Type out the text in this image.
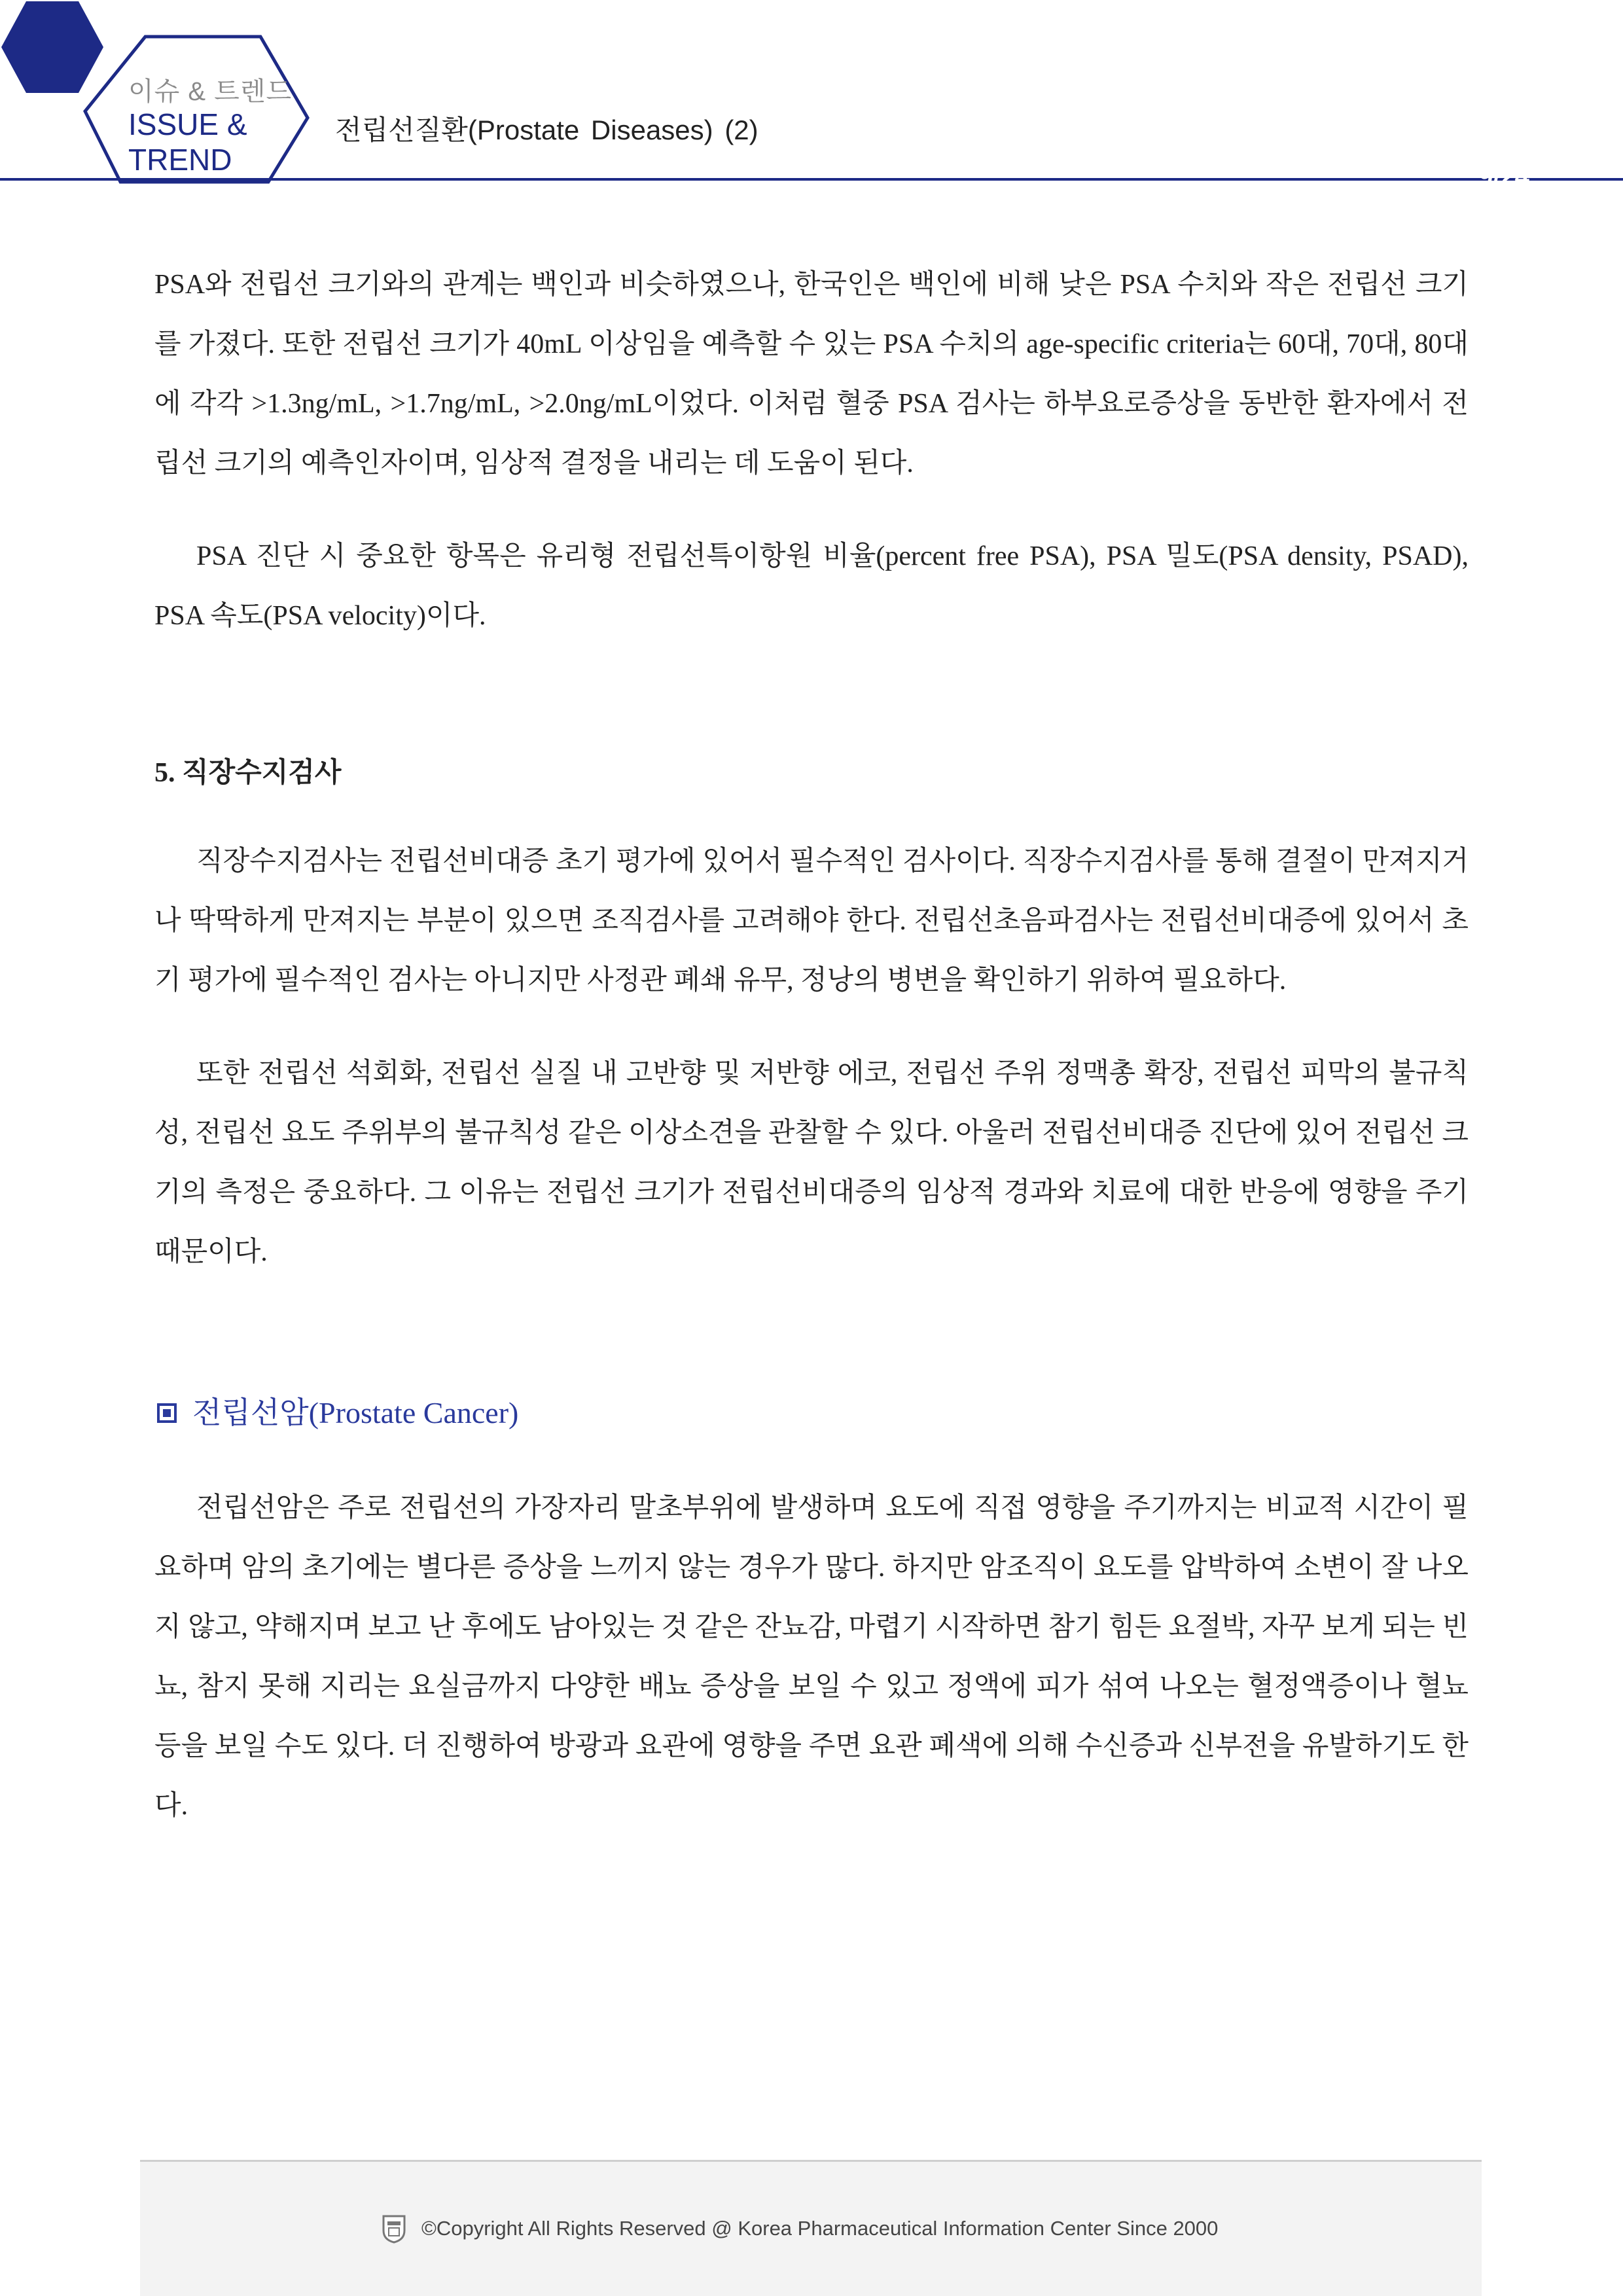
이슈 & 트렌드
ISSUE &
TREND
전립선질환(Prostate Diseases) (2)
9/24

PSA와 전립선 크기와의 관계는 백인과 비슷하였으나, 한국인은 백인에 비해 낮은 PSA 수치와 작은 전립선 크기를 가졌다. 또한 전립선 크기가 40mL 이상임을 예측할 수 있는 PSA 수치의 age-specific criteria는 60대, 70대, 80대에 각각 >1.3ng/mL, >1.7ng/mL, >2.0ng/mL이었다. 이처럼 혈중 PSA 검사는 하부요로증상을 동반한 환자에서 전립선 크기의 예측인자이며, 임상적 결정을 내리는 데 도움이 된다.

PSA 진단 시 중요한 항목은 유리형 전립선특이항원 비율(percent free PSA), PSA 밀도(PSA density, PSAD), PSA 속도(PSA velocity)이다.

5. 직장수지검사

직장수지검사는 전립선비대증 초기 평가에 있어서 필수적인 검사이다. 직장수지검사를 통해 결절이 만져지거나 딱딱하게 만져지는 부분이 있으면 조직검사를 고려해야 한다. 전립선초음파검사는 전립선비대증에 있어서 초기 평가에 필수적인 검사는 아니지만 사정관 폐쇄 유무, 정낭의 병변을 확인하기 위하여 필요하다.

또한 전립선 석회화, 전립선 실질 내 고반향 및 저반향 에코, 전립선 주위 정맥총 확장, 전립선 피막의 불규칙성, 전립선 요도 주위부의 불규칙성 같은 이상소견을 관찰할 수 있다. 아울러 전립선비대증 진단에 있어 전립선 크기의 측정은 중요하다. 그 이유는 전립선 크기가 전립선비대증의 임상적 경과와 치료에 대한 반응에 영향을 주기 때문이다.

전립선암(Prostate Cancer)

전립선암은 주로 전립선의 가장자리 말초부위에 발생하며 요도에 직접 영향을 주기까지는 비교적 시간이 필요하며 암의 초기에는 별다른 증상을 느끼지 않는 경우가 많다. 하지만 암조직이 요도를 압박하여 소변이 잘 나오지 않고, 약해지며 보고 난 후에도 남아있는 것 같은 잔뇨감, 마렵기 시작하면 참기 힘든 요절박, 자꾸 보게 되는 빈뇨, 참지 못해 지리는 요실금까지 다양한 배뇨 증상을 보일 수 있고 정액에 피가 섞여 나오는 혈정액증이나 혈뇨 등을 보일 수도 있다. 더 진행하여 방광과 요관에 영향을 주면 요관 폐색에 의해 수신증과 신부전을 유발하기도 한다.

©Copyright All Rights Reserved @ Korea Pharmaceutical Information Center Since 2000
